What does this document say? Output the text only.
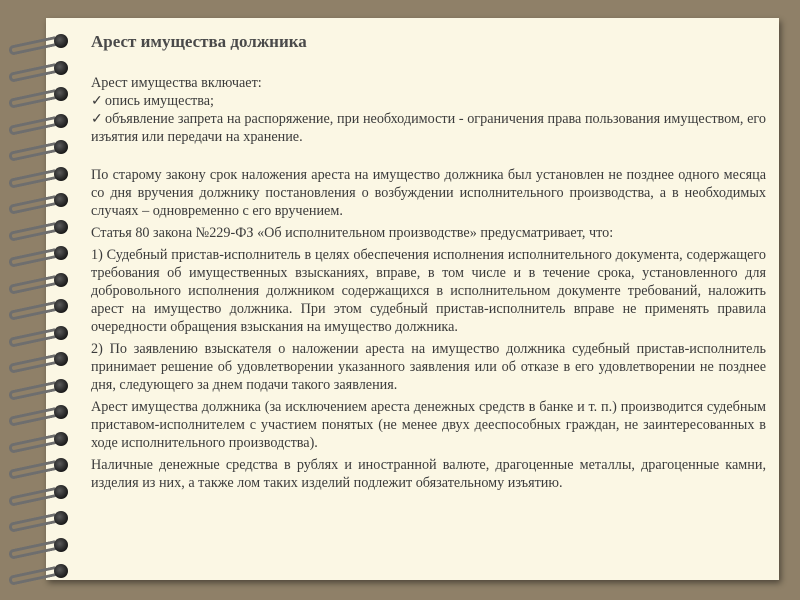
Арест имущества должника

Арест имущества включает:

✓ опись имущества;

✓ объявление запрета на распоряжение, при необходимости - ограничения права пользования имуществом, его изъятия или передачи на хранение.

По старому закону срок наложения ареста на имущество должника был установлен не позднее одного месяца со дня вручения должнику постановления о возбуждении исполнительного производства, а в необходимых случаях – одновременно с его вручением.

Статья 80 закона №229-ФЗ «Об исполнительном производстве» предусматривает, что:

1) Судебный пристав-исполнитель в целях обеспечения исполнения исполнительного документа, содержащего требования об имущественных взысканиях, вправе, в том числе и в течение срока, установленного для добровольного исполнения должником содержащихся в исполнительном документе требований, наложить арест на имущество должника. При этом судебный пристав-исполнитель вправе не применять правила очередности обращения взыскания на имущество должника.

2) По заявлению взыскателя о наложении ареста на имущество должника судебный пристав-исполнитель принимает решение об удовлетворении указанного заявления или об отказе в его удовлетворении не позднее дня, следующего за днем подачи такого заявления.

Арест имущества должника (за исключением ареста денежных средств в банке и т. п.) производится судебным приставом-исполнителем с участием понятых (не менее двух дееспособных граждан, не заинтересованных в ходе исполнительного производства).

Наличные денежные средства в рублях и иностранной валюте, драгоценные металлы, драгоценные камни, изделия из них, а также лом таких изделий подлежит обязательному изъятию.
